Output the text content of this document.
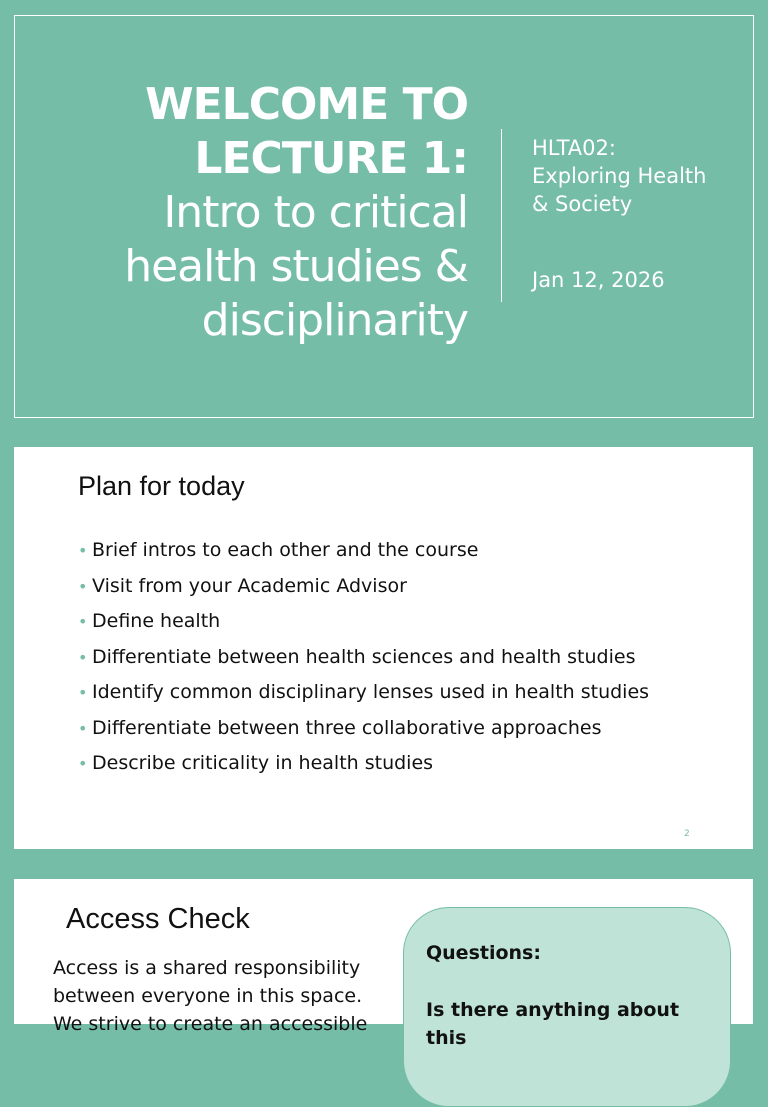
WELCOME TO
LECTURE 1:
Intro to critical
health studies &
disciplinarity
HLTA02:
Exploring Health
& Society
Jan 12, 2026
Plan for today
• Brief intros to each other and the course
• Visit from your Academic Advisor
• Define health
• Differentiate between health sciences and health studies
• Identify common disciplinary lenses used in health studies
• Differentiate between three collaborative approaches
• Describe criticality in health studies
2
Access Check
Access is a shared responsibility
between everyone in this space.
We strive to create an accessible
Questions:
Is there anything about this
